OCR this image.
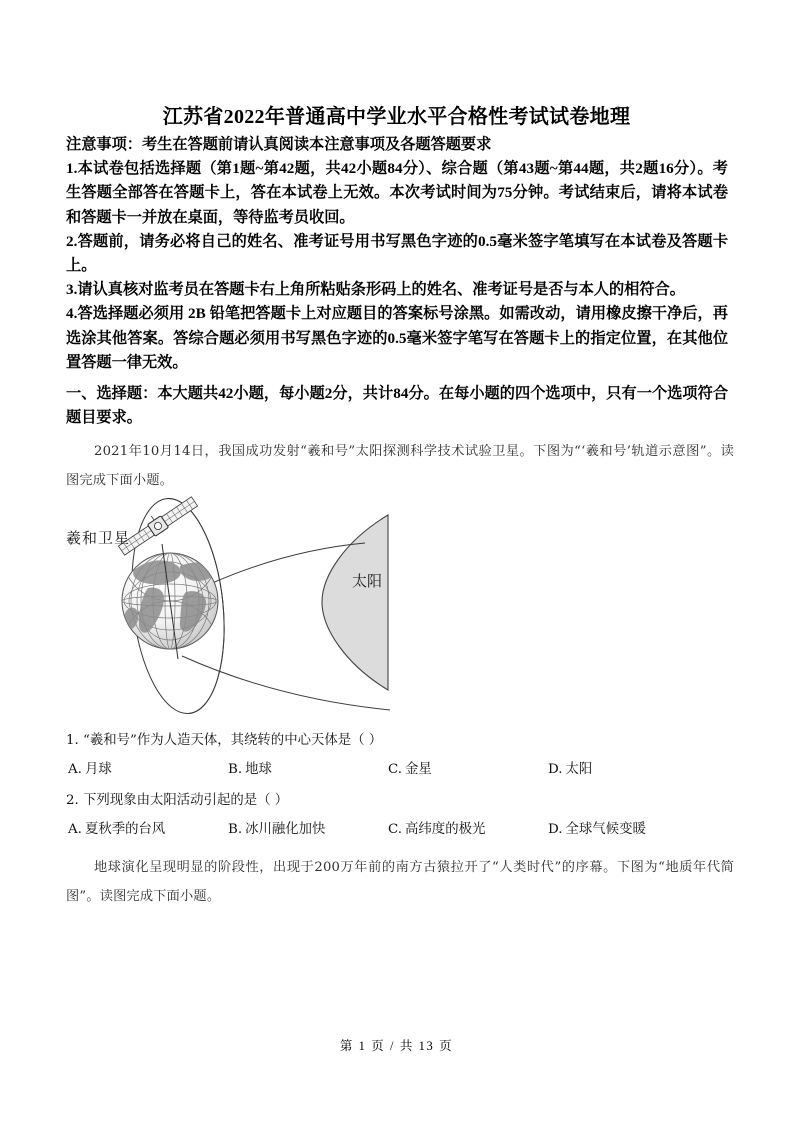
江苏省2022年普通高中学业水平合格性考试试卷地理

注意事项：考生在答题前请认真阅读本注意事项及各题答题要求

1.本试卷包括选择题（第1题~第42题，共42小题84分）、综合题（第43题~第44题，共2题16分）。考生答题全部答在答题卡上，答在本试卷上无效。本次考试时间为75分钟。考试结束后，请将本试卷和答题卡一并放在桌面，等待监考员收回。

2.答题前，请务必将自己的姓名、准考证号用书写黑色字迹的0.5毫米签字笔填写在本试卷及答题卡上。

3.请认真核对监考员在答题卡右上角所粘贴条形码上的姓名、准考证号是否与本人的相符合。

4.答选择题必须用 2B 铅笔把答题卡上对应题目的答案标号涂黑。如需改动，请用橡皮擦干净后，再选涂其他答案。答综合题必须用书写黑色字迹的0.5毫米签字笔写在答题卡上的指定位置，在其他位置答题一律无效。

一、选择题：本大题共42小题，每小题2分，共计84分。在每小题的四个选项中，只有一个选项符合题目要求。
2021年10月14日，我国成功发射“羲和号”太阳探测科学技术试验卫星。下图为“‘羲和号’轨道示意图”。读图完成下面小题。
羲和卫星
太阳
1. “羲和号”作为人造天体，其绕转的中心天体是（ ）
A. 月球	B. 地球	C. 金星	D. 太阳
2. 下列现象由太阳活动引起的是（ ）
A. 夏秋季的台风	B. 冰川融化加快	C. 高纬度的极光	D. 全球气候变暖
地球演化呈现明显的阶段性，出现于200万年前的南方古猿拉开了“人类时代”的序幕。下图为“地质年代简图”。读图完成下面小题。
第 1 页 / 共 13 页
